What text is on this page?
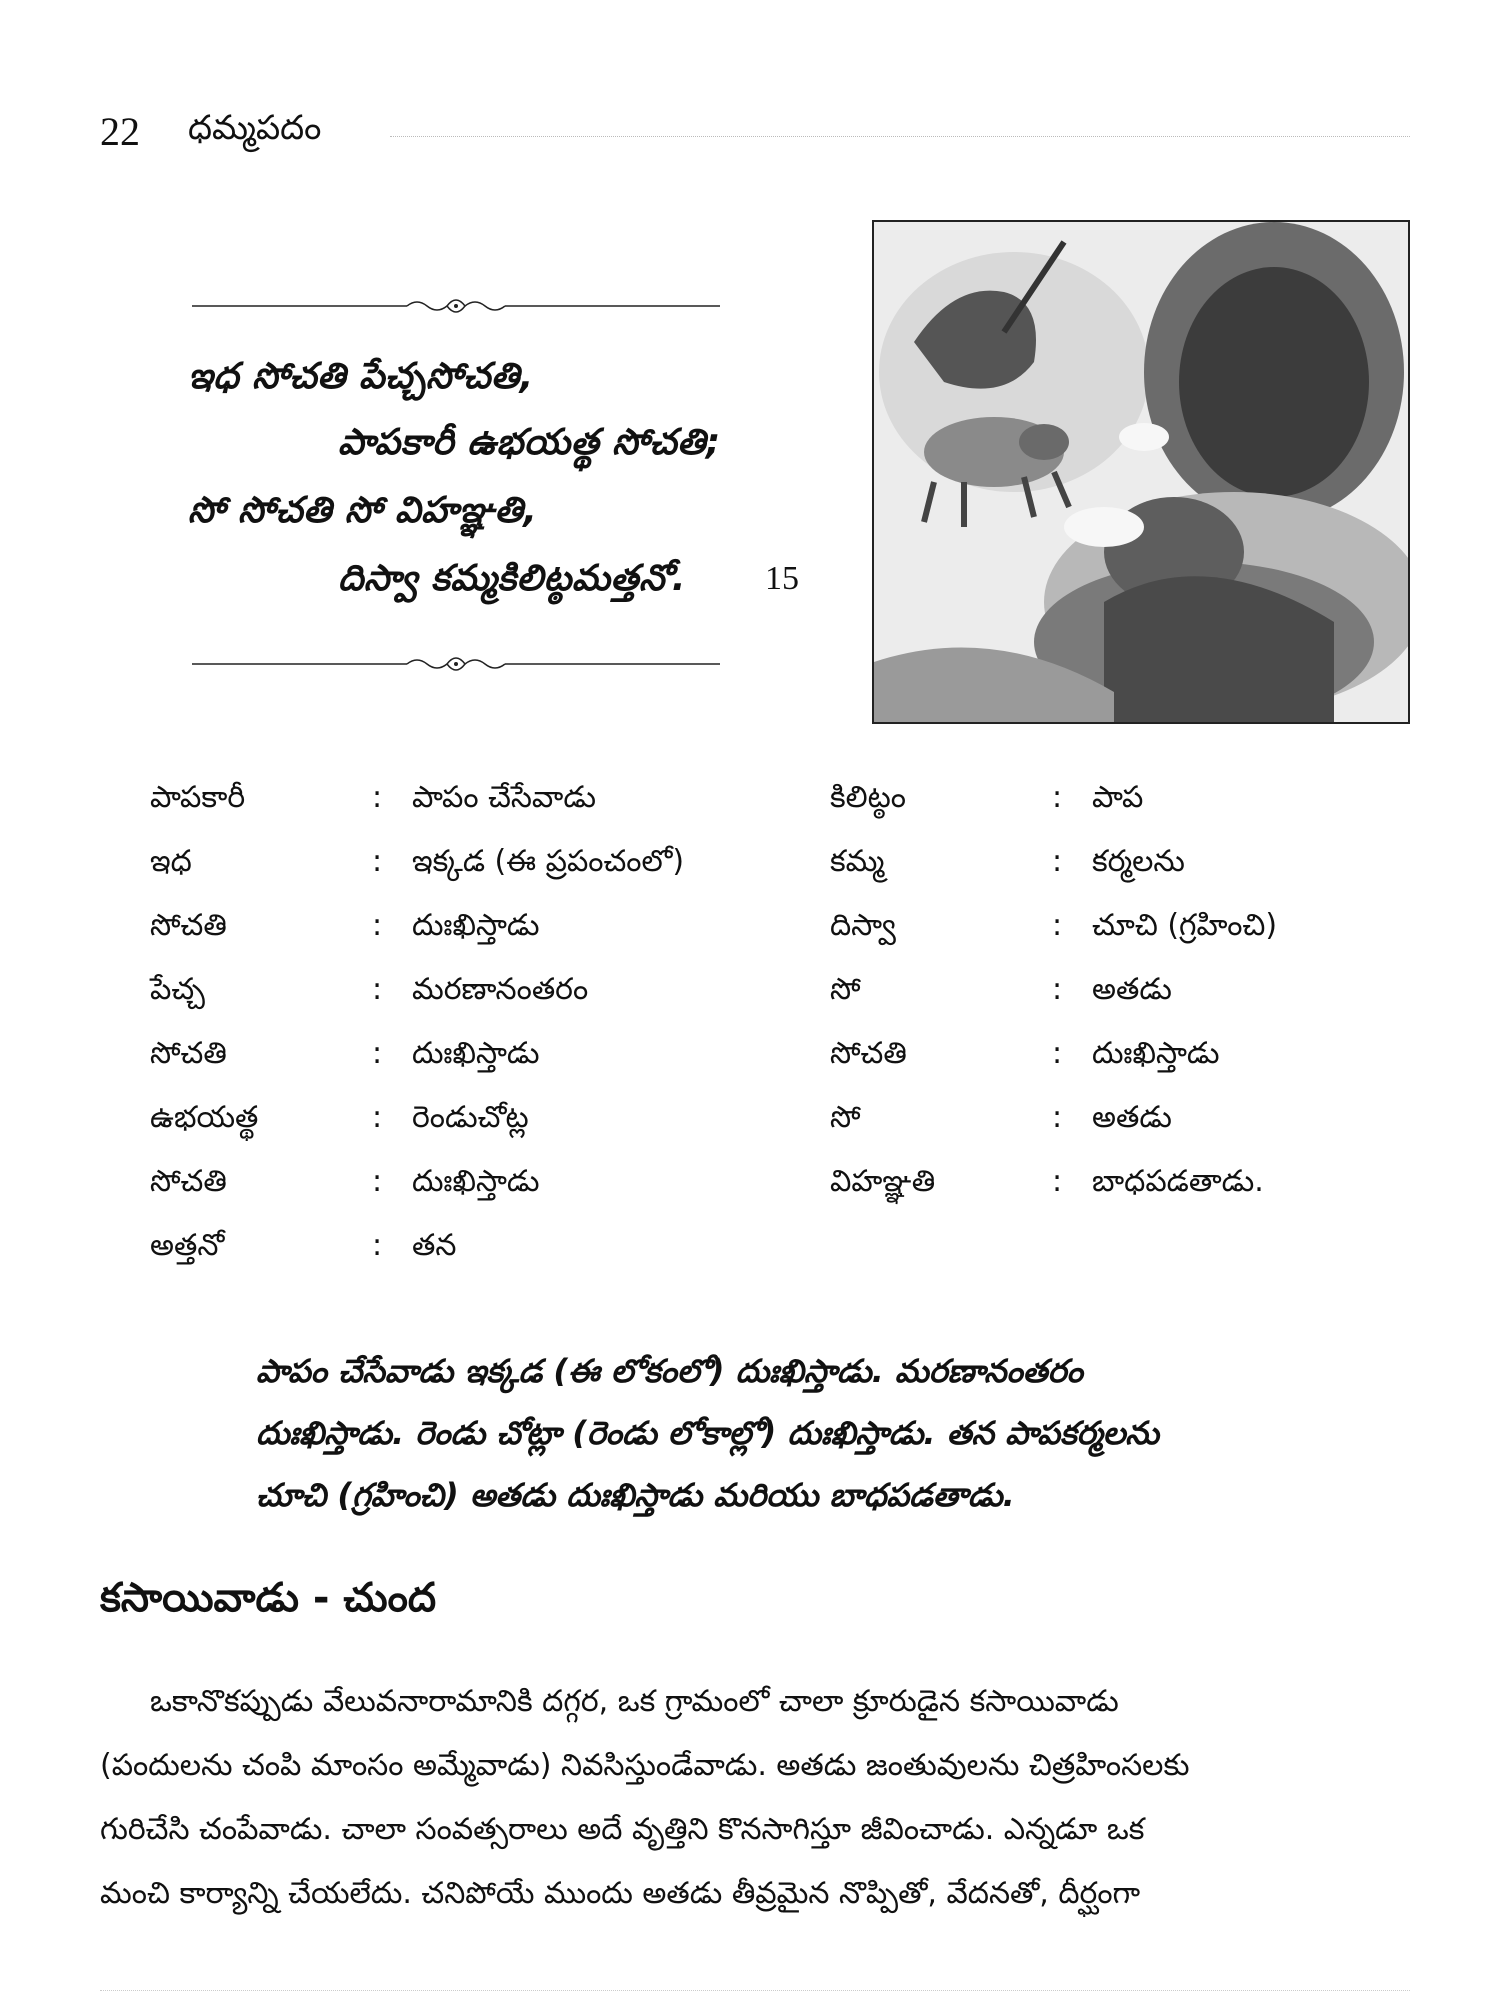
22 ధమ్మపదం
ఇధ సోచతి పేచ్చసోచతి,
పాపకారీ ఉభయత్థ సోచతి;
సో సోచతి సో విహఞ్ఞతి,
దిస్వా కమ్మకిలిట్ఠమత్తనో. 15
పాపకారీ	: పాపం చేసేవాడు	కిలిట్ఠం	: పాప
ఇధ	: ఇక్కడ (ఈ ప్రపంచంలో)	కమ్మ	: కర్మలను
సోచతి	: దుఃఖిస్తాడు	దిస్వా	: చూచి (గ్రహించి)
పేచ్చ	: మరణానంతరం	సో	: అతడు
సోచతి	: దుఃఖిస్తాడు	సోచతి	: దుఃఖిస్తాడు
ఉభయత్థ	: రెండుచోట్ల	సో	: అతడు
సోచతి	: దుఃఖిస్తాడు	విహఞ్ఞతి	: బాధపడతాడు.
అత్తనో	: తన
పాపం చేసేవాడు ఇక్కడ (ఈ లోకంలో) దుఃఖిస్తాడు. మరణానంతరం
దుఃఖిస్తాడు. రెండు చోట్లా (రెండు లోకాల్లో) దుఃఖిస్తాడు. తన పాపకర్మలను
చూచి (గ్రహించి) అతడు దుఃఖిస్తాడు మరియు బాధపడతాడు.
కసాయివాడు - చుంద
ఒకానొకప్పుడు వేలువనారామానికి దగ్గర, ఒక గ్రామంలో చాలా క్రూరుడైన కసాయివాడు
(పందులను చంపి మాంసం అమ్మేవాడు) నివసిస్తుండేవాడు. అతడు జంతువులను చిత్రహింసలకు
గురిచేసి చంపేవాడు. చాలా సంవత్సరాలు అదే వృత్తిని కొనసాగిస్తూ జీవించాడు. ఎన్నడూ ఒక
మంచి కార్యాన్ని చేయలేదు. చనిపోయే ముందు అతడు తీవ్రమైన నొప్పితో, వేదనతో, దీర్ఘంగా
